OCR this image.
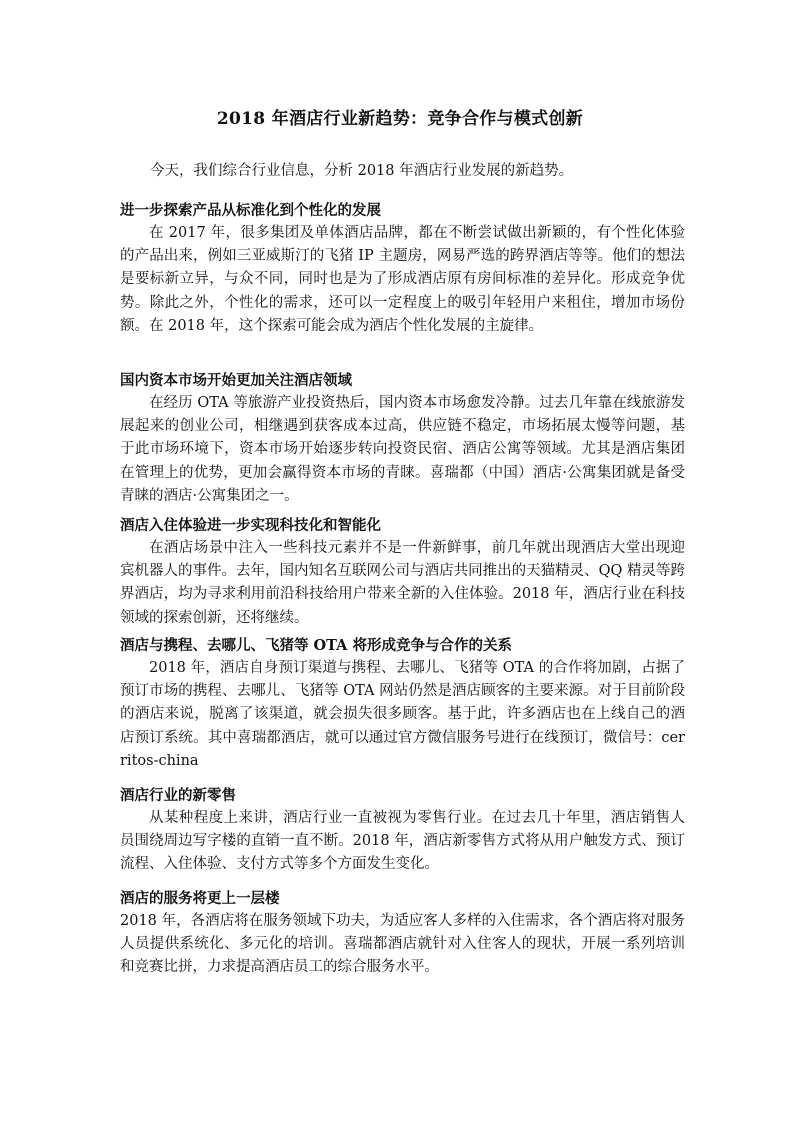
2018 年酒店行业新趋势：竞争合作与模式创新
今天，我们综合行业信息，分析 2018 年酒店行业发展的新趋势。

进一步探索产品从标准化到个性化的发展

在 2017 年，很多集团及单体酒店品牌，都在不断尝试做出新颖的，有个性化体验的产品出来，例如三亚威斯汀的飞猪 IP 主题房，网易严选的跨界酒店等等。他们的想法是要标新立异，与众不同，同时也是为了形成酒店原有房间标准的差异化。形成竞争优势。除此之外，个性化的需求，还可以一定程度上的吸引年轻用户来租住，增加市场份额。在 2018 年，这个探索可能会成为酒店个性化发展的主旋律。

国内资本市场开始更加关注酒店领域

在经历 OTA 等旅游产业投资热后，国内资本市场愈发冷静。过去几年靠在线旅游发展起来的创业公司，相继遇到获客成本过高，供应链不稳定，市场拓展太慢等问题，基于此市场环境下，资本市场开始逐步转向投资民宿、酒店公寓等领域。尤其是酒店集团在管理上的优势，更加会赢得资本市场的青睐。喜瑞都（中国）酒店·公寓集团就是备受青睐的酒店·公寓集团之一。

酒店入住体验进一步实现科技化和智能化

在酒店场景中注入一些科技元素并不是一件新鲜事，前几年就出现酒店大堂出现迎宾机器人的事件。去年，国内知名互联网公司与酒店共同推出的天猫精灵、QQ 精灵等跨界酒店，均为寻求利用前沿科技给用户带来全新的入住体验。2018 年，酒店行业在科技领域的探索创新，还将继续。

酒店与携程、去哪儿、飞猪等 OTA 将形成竞争与合作的关系

2018 年，酒店自身预订渠道与携程、去哪儿、飞猪等 OTA 的合作将加剧，占据了预订市场的携程、去哪儿、飞猪等 OTA 网站仍然是酒店顾客的主要来源。对于目前阶段的酒店来说，脱离了该渠道，就会损失很多顾客。基于此，许多酒店也在上线自己的酒店预订系统。其中喜瑞都酒店，就可以通过官方微信服务号进行在线预订，微信号：cerritos-china

酒店行业的新零售

从某种程度上来讲，酒店行业一直被视为零售行业。在过去几十年里，酒店销售人员围绕周边写字楼的直销一直不断。2018 年，酒店新零售方式将从用户触发方式、预订流程、入住体验、支付方式等多个方面发生变化。

酒店的服务将更上一层楼

2018 年，各酒店将在服务领域下功夫，为适应客人多样的入住需求，各个酒店将对服务人员提供系统化、多元化的培训。喜瑞都酒店就针对入住客人的现状，开展一系列培训和竞赛比拼，力求提高酒店员工的综合服务水平。
